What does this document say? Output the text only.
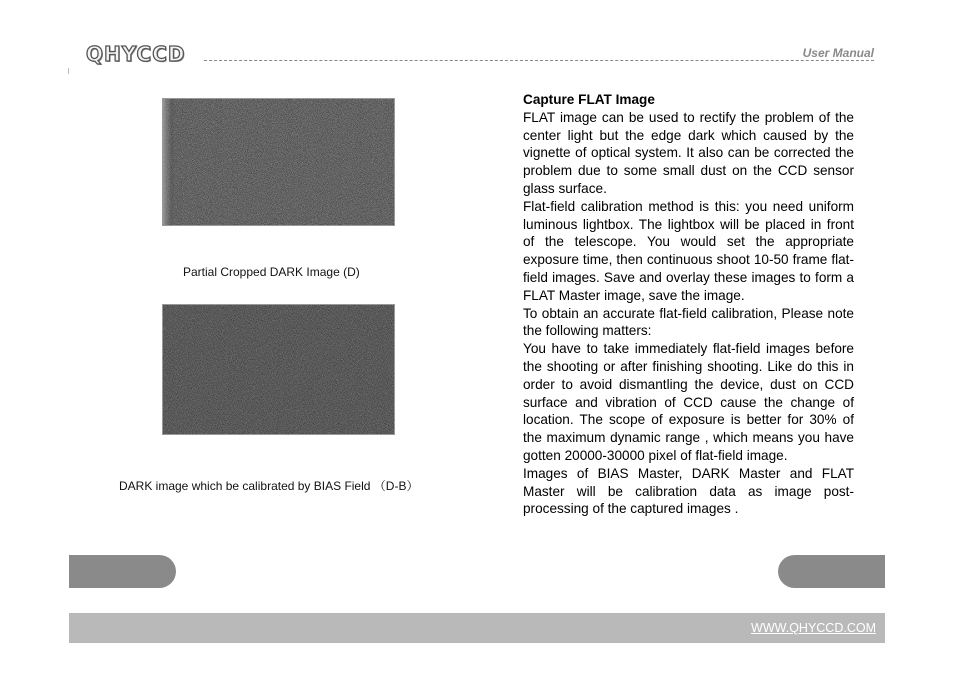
QHYCCD	User Manual
Partial Cropped DARK Image (D)
DARK image which be calibrated by BIAS Field （D-B）

Capture FLAT Image

FLAT image can be used to rectify the problem of the center light but the edge dark which caused by the vignette of optical system. It also can be corrected the problem due to some small dust on the CCD sensor glass surface.

Flat-field calibration method is this: you need uniform luminous lightbox. The lightbox will be placed in front of the telescope. You would set the appropriate exposure time, then continuous shoot 10-50 frame flat-field images. Save and overlay these images to form a FLAT Master image, save the image.

To obtain an accurate flat-field calibration, Please note the following matters:

You have to take immediately flat-field images before the shooting or after finishing shooting. Like do this in order to avoid dismantling the device, dust on CCD surface and vibration of CCD cause the change of location. The scope of exposure is better for 30% of the maximum dynamic range , which means you have gotten 20000-30000 pixel of flat-field image.

Images of BIAS Master, DARK Master and FLAT Master will be calibration data as image post-processing of the captured images .

WWW.QHYCCD.COM
